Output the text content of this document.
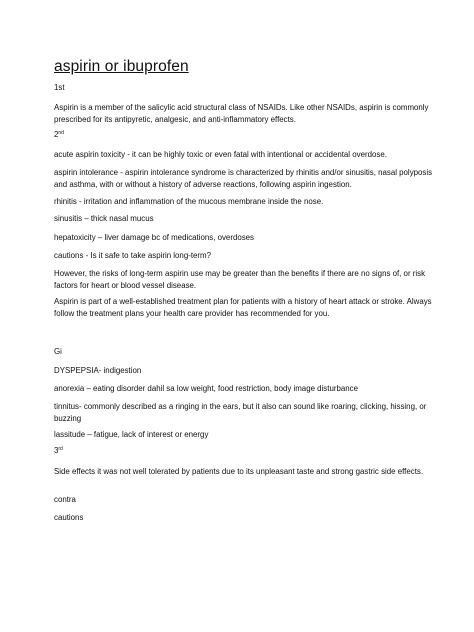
aspirin or ibuprofen

1st

Aspirin is a member of the salicylic acid structural class of NSAIDs. Like other NSAIDs, aspirin is commonly prescribed for its antipyretic, analgesic, and anti-inflammatory effects.

2nd

acute aspirin toxicity - it can be highly toxic or even fatal with intentional or accidental overdose.

aspirin intolerance - aspirin intolerance syndrome is characterized by rhinitis and/or sinusitis, nasal polyposis and asthma, with or without a history of adverse reactions, following aspirin ingestion.

rhinitis - irritation and inflammation of the mucous membrane inside the nose.

sinusitis – thick nasal mucus

hepatoxicity – liver damage bc of medications, overdoses

cautions - Is it safe to take aspirin long-term?

However, the risks of long-term aspirin use may be greater than the benefits if there are no signs of, or risk factors for heart or blood vessel disease.

Aspirin is part of a well-established treatment plan for patients with a history of heart attack or stroke. Always follow the treatment plans your health care provider has recommended for you.

Gi

DYSPEPSIA- indigestion

anorexia – eating disorder dahil sa low weight, food restriction, body image disturbance

tinnitus- commonly described as a ringing in the ears, but it also can sound like roaring, clicking, hissing, or buzzing

lassitude – fatigue, lack of interest or energy

3rd

Side effects it was not well tolerated by patients due to its unpleasant taste and strong gastric side effects.

contra

cautions
